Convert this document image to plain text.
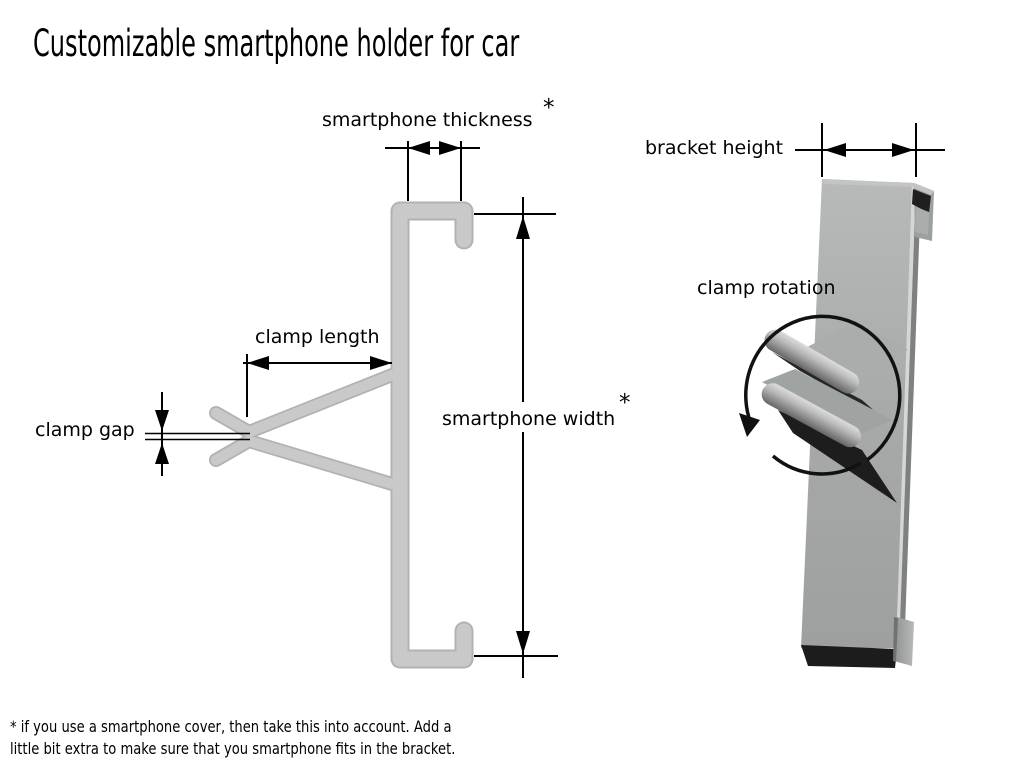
Customizable smartphone holder for car
smartphone thickness *
bracket height
clamp rotation
clamp length
clamp gap	smartphone width
*
* if you use a smartphone cover, then take this into account. Add a
little bit extra to make sure that you smartphone fits in the bracket.
